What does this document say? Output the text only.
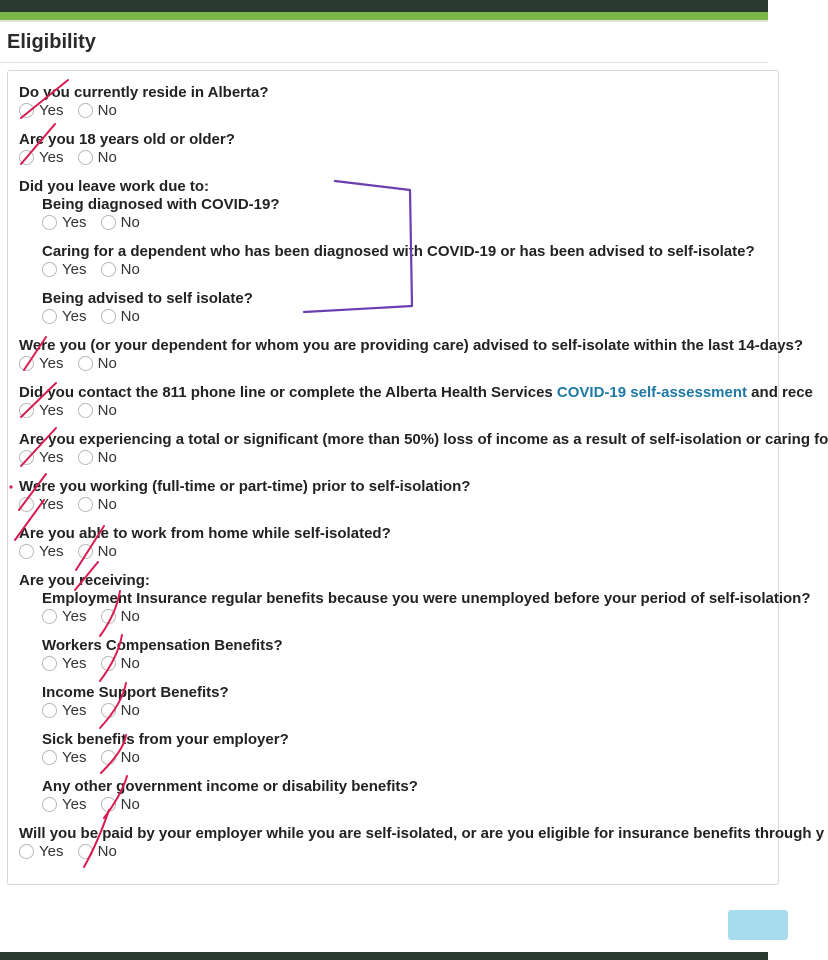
Eligibility
Do you currently reside in Alberta?
Yes
No
Are you 18 years old or older?
Yes
No
Did you leave work due to:
Being diagnosed with COVID-19?
Yes
No
Caring for a dependent who has been diagnosed with COVID-19 or has been advised to self-isolate?
Yes
No
Being advised to self isolate?
Yes
No
Were you (or your dependent for whom you are providing care) advised to self-isolate within the last 14-days?
Yes
No
Did you contact the 811 phone line or complete the Alberta Health Services COVID-19 self-assessment and rece
Yes
No
Are you experiencing a total or significant (more than 50%) loss of income as a result of self-isolation or caring fo
Yes
No
Were you working (full-time or part-time) prior to self-isolation?
Yes
No
Are you able to work from home while self-isolated?
Yes
No
Are you receiving:
Employment Insurance regular benefits because you were unemployed before your period of self-isolation?
Yes
No
Workers Compensation Benefits?
Yes
No
Income Support Benefits?
Yes
No
Sick benefits from your employer?
Yes
No
Any other government income or disability benefits?
Yes
No
Will you be paid by your employer while you are self-isolated, or are you eligible for insurance benefits through y
Yes
No
